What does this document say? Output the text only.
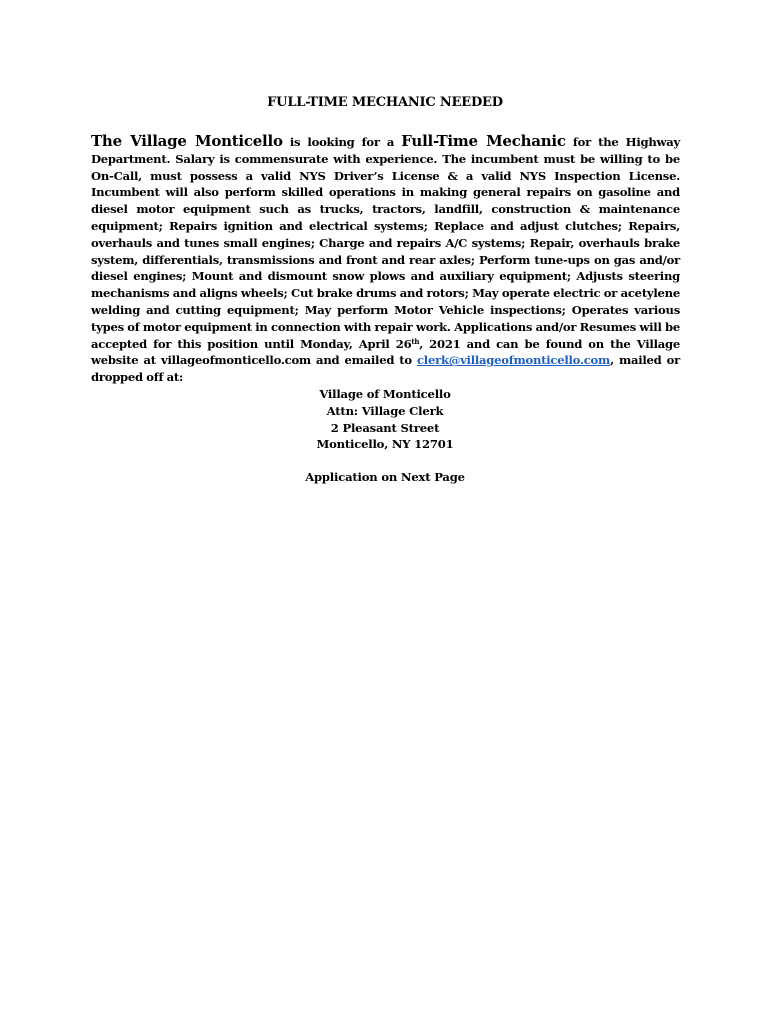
FULL-TIME MECHANIC NEEDED
The Village Monticello is looking for a Full-Time Mechanic for the Highway Department. Salary is commensurate with experience. The incumbent must be willing to be On-Call, must possess a valid NYS Driver’s License & a valid NYS Inspection License. Incumbent will also perform skilled operations in making general repairs on gasoline and diesel motor equipment such as trucks, tractors, landfill, construction & maintenance equipment; Repairs ignition and electrical systems; Replace and adjust clutches; Repairs, overhauls and tunes small engines; Charge and repairs A/C systems; Repair, overhauls brake system, differentials, transmissions and front and rear axles; Perform tune-ups on gas and/or diesel engines; Mount and dismount snow plows and auxiliary equipment; Adjusts steering mechanisms and aligns wheels; Cut brake drums and rotors; May operate electric or acetylene welding and cutting equipment; May perform Motor Vehicle inspections; Operates various types of motor equipment in connection with repair work. Applications and/or Resumes will be accepted for this position until Monday, April 26th, 2021 and can be found on the Village website at villageofmonticello.com and emailed to clerk@villageofmonticello.com, mailed or dropped off at:
Village of Monticello
Attn: Village Clerk
2 Pleasant Street
Monticello, NY 12701
Application on Next Page
